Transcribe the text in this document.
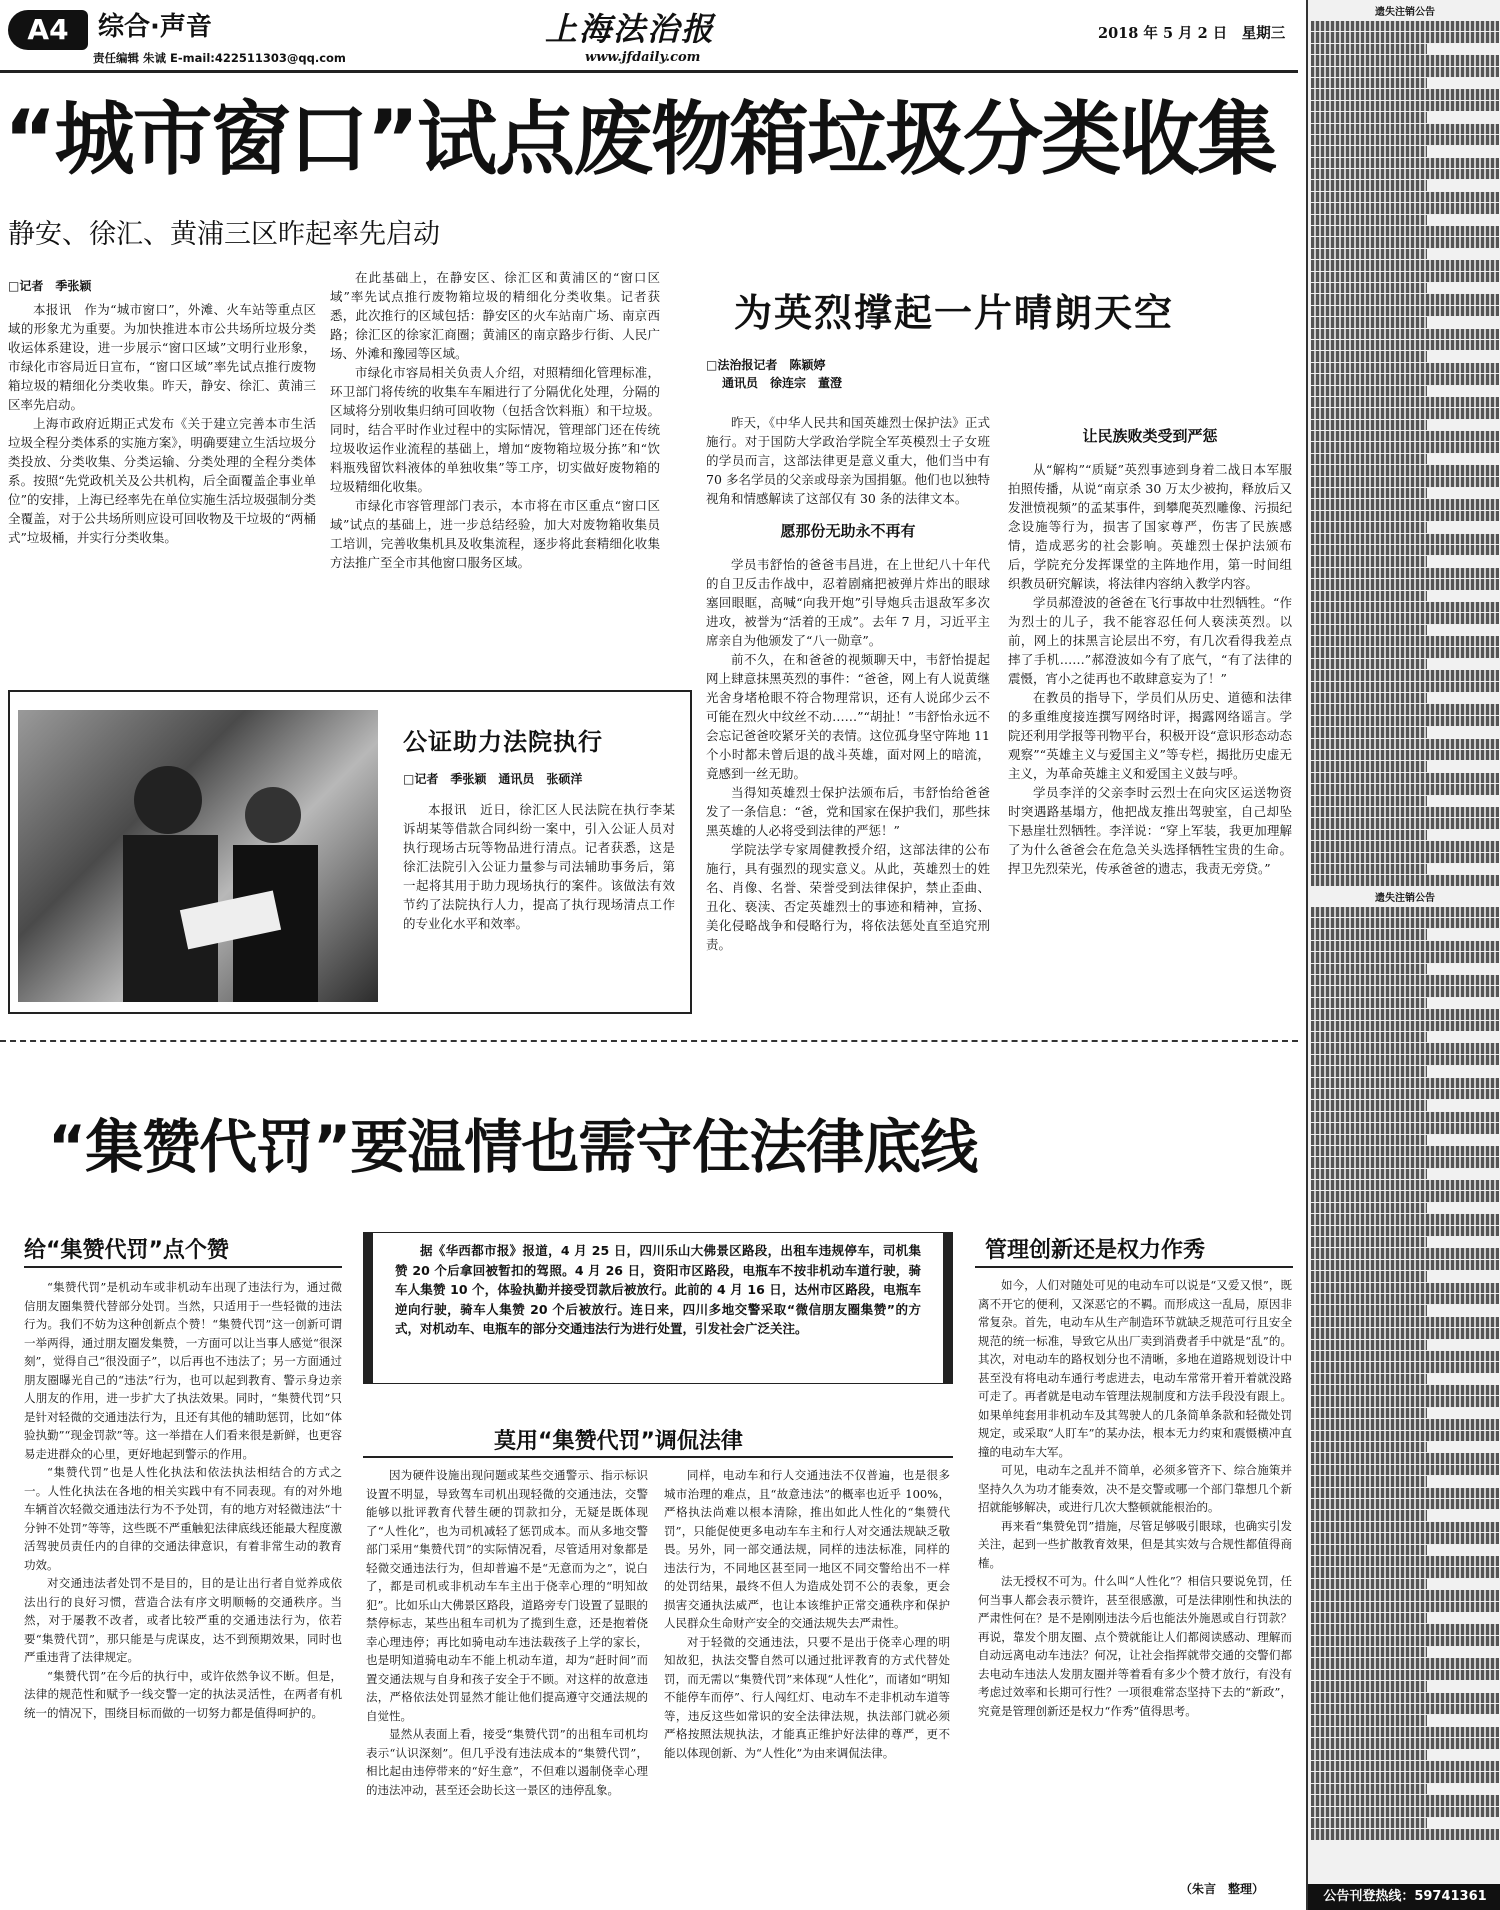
A4	综合·声音
责任编辑 朱诚 E-mail:422511303@qq.com
上海法治报
www.jfdaily.com
2018 年 5 月 2 日　星期三
“城市窗口”试点废物箱垃圾分类收集
静安、徐汇、黄浦三区昨起率先启动
□记者　季张颖

本报讯　作为“城市窗口”，外滩、火车站等重点区域的形象尤为重要。为加快推进本市公共场所垃圾分类收运体系建设，进一步展示“窗口区域”文明行业形象，市绿化市容局近日宣布，“窗口区域”率先试点推行废物箱垃圾的精细化分类收集。昨天，静安、徐汇、黄浦三区率先启动。

上海市政府近期正式发布《关于建立完善本市生活垃圾全程分类体系的实施方案》，明确要建立生活垃圾分类投放、分类收集、分类运输、分类处理的全程分类体系。按照“先党政机关及公共机构，后全面覆盖企事业单位”的安排，上海已经率先在单位实施生活垃圾强制分类全覆盖，对于公共场所则应设可回收物及干垃圾的“两桶式”垃圾桶，并实行分类收集。

在此基础上，在静安区、徐汇区和黄浦区的“窗口区域”率先试点推行废物箱垃圾的精细化分类收集。记者获悉，此次推行的区域包括：静安区的火车站南广场、南京西路；徐汇区的徐家汇商圈；黄浦区的南京路步行街、人民广场、外滩和豫园等区域。

市绿化市容局相关负责人介绍，对照精细化管理标准，环卫部门将传统的收集车车厢进行了分隔优化处理，分隔的区域将分别收集归纳可回收物（包括含饮料瓶）和干垃圾。同时，结合平时作业过程中的实际情况，管理部门还在传统垃圾收运作业流程的基础上，增加“废物箱垃圾分拣”和“饮料瓶残留饮料液体的单独收集”等工序，切实做好废物箱的垃圾精细化收集。

市绿化市容管理部门表示，本市将在市区重点“窗口区域”试点的基础上，进一步总结经验，加大对废物箱收集员工培训，完善收集机具及收集流程，逐步将此套精细化收集方法推广至全市其他窗口服务区域。

为英烈撑起一片晴朗天空
□法治报记者　陈颖婷
通讯员　徐连宗　董澄

昨天，《中华人民共和国英雄烈士保护法》正式施行。对于国防大学政治学院全军英模烈士子女班的学员而言，这部法律更是意义重大，他们当中有 70 多名学员的父亲或母亲为国捐躯。他们也以独特视角和情感解读了这部仅有 30 条的法律文本。

愿那份无助永不再有

学员韦舒怡的爸爸韦昌进，在上世纪八十年代的自卫反击作战中，忍着剧痛把被弹片炸出的眼球塞回眼眶，高喊“向我开炮”引导炮兵击退敌军多次进攻，被誉为“活着的王成”。去年 7 月，习近平主席亲自为他颁发了“八一勋章”。

前不久，在和爸爸的视频聊天中，韦舒怡提起网上肆意抹黑英烈的事件：“爸爸，网上有人说黄继光舍身堵枪眼不符合物理常识，还有人说邱少云不可能在烈火中纹丝不动……”“胡扯！”韦舒怡永远不会忘记爸爸咬紧牙关的表情。这位孤身坚守阵地 11 个小时都未曾后退的战斗英雄，面对网上的暗流，竟感到一丝无助。

当得知英雄烈士保护法颁布后，韦舒怡给爸爸发了一条信息：“爸，党和国家在保护我们，那些抹黑英雄的人必将受到法律的严惩！”

学院法学专家周健教授介绍，这部法律的公布施行，具有强烈的现实意义。从此，英雄烈士的姓名、肖像、名誉、荣誉受到法律保护，禁止歪曲、丑化、亵渎、否定英雄烈士的事迹和精神，宣扬、美化侵略战争和侵略行为，将依法惩处直至追究刑责。

让民族败类受到严惩

从“解构”“质疑”英烈事迹到身着二战日本军服拍照传播，从说“南京杀 30 万太少被拘，释放后又发泄愤视频”的孟某事件，到攀爬英烈雕像、污损纪念设施等行为，损害了国家尊严，伤害了民族感情，造成恶劣的社会影响。英雄烈士保护法颁布后，学院充分发挥课堂的主阵地作用，第一时间组织教员研究解读，将法律内容纳入教学内容。

学员郝澄波的爸爸在飞行事故中壮烈牺牲。“作为烈士的儿子，我不能容忍任何人亵渎英烈。以前，网上的抹黑言论层出不穷，有几次看得我差点摔了手机……”郝澄波如今有了底气，“有了法律的震慑，宵小之徒再也不敢肆意妄为了！”

在教员的指导下，学员们从历史、道德和法律的多重维度接连撰写网络时评，揭露网络谣言。学院还利用学报等刊物平台，积极开设“意识形态动态观察”“英雄主义与爱国主义”等专栏，揭批历史虚无主义，为革命英雄主义和爱国主义鼓与呼。

学员李洋的父亲李时云烈士在向灾区运送物资时突遇路基塌方，他把战友推出驾驶室，自己却坠下悬崖壮烈牺牲。李洋说：“穿上军装，我更加理解了为什么爸爸会在危急关头选择牺牲宝贵的生命。捍卫先烈荣光，传承爸爸的遗志，我责无旁贷。”

公证助力法院执行
□记者　季张颖　通讯员　张硕洋

本报讯　近日，徐汇区人民法院在执行李某诉胡某等借款合同纠纷一案中，引入公证人员对执行现场古玩等物品进行清点。记者获悉，这是徐汇法院引入公证力量参与司法辅助事务后，第一起将其用于助力现场执行的案件。该做法有效节约了法院执行人力，提高了执行现场清点工作的专业化水平和效率。

“集赞代罚”要温情也需守住法律底线
给“集赞代罚”点个赞

“集赞代罚”是机动车或非机动车出现了违法行为，通过微信朋友圈集赞代替部分处罚。当然，只适用于一些轻微的违法行为。我们不妨为这种创新点个赞！“集赞代罚”这一创新可谓一举两得，通过朋友圈发集赞，一方面可以让当事人感觉“很深刻”，觉得自己“很没面子”，以后再也不违法了；另一方面通过朋友圈曝光自己的“违法”行为，也可以起到教育、警示身边亲人朋友的作用，进一步扩大了执法效果。同时，“集赞代罚”只是针对轻微的交通违法行为，且还有其他的辅助惩罚，比如“体验执勤”“现金罚款”等。这一举措在人们看来很是新鲜，也更容易走进群众的心里，更好地起到警示的作用。

“集赞代罚”也是人性化执法和依法执法相结合的方式之一。人性化执法在各地的相关实践中有不同表现。有的对外地车辆首次轻微交通违法行为不予处罚，有的地方对轻微违法“十分钟不处罚”等等，这些既不严重触犯法律底线还能最大程度激活驾驶员责任内的自律的交通法律意识，有着非常生动的教育功效。

对交通违法者处罚不是目的，目的是让出行者自觉养成依法出行的良好习惯，营造合法有序文明顺畅的交通秩序。当然，对于屡教不改者，或者比较严重的交通违法行为，依若要“集赞代罚”，那只能是与虎谋皮，达不到预期效果，同时也严重违背了法律规定。

“集赞代罚”在今后的执行中，或许依然争议不断。但是，法律的规范性和赋予一线交警一定的执法灵活性，在两者有机统一的情况下，围绕目标而做的一切努力都是值得呵护的。

据《华西都市报》报道，4 月 25 日，四川乐山大佛景区路段，出租车违规停车，司机集赞 20 个后拿回被暂扣的驾照。4 月 26 日，资阳市区路段，电瓶车不按非机动车道行驶，骑车人集赞 10 个，体验执勤并接受罚款后被放行。此前的 4 月 16 日，达州市区路段，电瓶车逆向行驶，骑车人集赞 20 个后被放行。连日来，四川多地交警采取“微信朋友圈集赞”的方式，对机动车、电瓶车的部分交通违法行为进行处置，引发社会广泛关注。
莫用“集赞代罚”调侃法律

因为硬件设施出现问题或某些交通警示、指示标识设置不明显，导致驾车司机出现轻微的交通违法，交警能够以批评教育代替生硬的罚款扣分，无疑是既体现了“人性化”，也为司机减轻了惩罚成本。而从多地交警部门采用“集赞代罚”的实际情况看，尽管适用对象都是轻微交通违法行为，但却普遍不是“无意而为之”，说白了，都是司机或非机动车车主出于侥幸心理的“明知故犯”。比如乐山大佛景区路段，道路旁专门设置了显眼的禁停标志，某些出租车司机为了揽到生意，还是抱着侥幸心理违停；再比如骑电动车违法载孩子上学的家长，也是明知道骑电动车不能上机动车道，却为“赶时间”而置交通法规与自身和孩子安全于不顾。对这样的故意违法，严格依法处罚显然才能让他们提高遵守交通法规的自觉性。

显然从表面上看，接受“集赞代罚”的出租车司机均表示“认识深刻”。但几乎没有违法成本的“集赞代罚”，相比起由违停带来的“好生意”，不但难以遏制侥幸心理的违法冲动，甚至还会助长这一景区的违停乱象。

同样，电动车和行人交通违法不仅普遍，也是很多城市治理的难点，且“故意违法”的概率也近乎 100%，严格执法尚难以根本清除，推出如此人性化的“集赞代罚”，只能促使更多电动车车主和行人对交通法规缺乏敬畏。另外，同一部交通法规，同样的违法标准，同样的违法行为，不同地区甚至同一地区不同交警给出不一样的处罚结果，最终不但人为造成处罚不公的表象，更会损害交通执法威严，也让本该维护正常交通秩序和保护人民群众生命财产安全的交通法规失去严肃性。

对于轻微的交通违法，只要不是出于侥幸心理的明知故犯，执法交警自然可以通过批评教育的方式代替处罚，而无需以“集赞代罚”来体现“人性化”，而诸如“明知不能停车而停”、行人闯红灯、电动车不走非机动车道等等，违反这些如常识的安全法律法规，执法部门就必须严格按照法规执法，才能真正维护好法律的尊严，更不能以体现创新、为“人性化”为由来调侃法律。

管理创新还是权力作秀

如今，人们对随处可见的电动车可以说是“又爱又恨”，既离不开它的便利，又深恶它的不羁。而形成这一乱局，原因非常复杂。首先，电动车从生产制造环节就缺乏规范可行且安全规范的统一标准，导致它从出厂卖到消费者手中就是“乱”的。其次，对电动车的路权划分也不清晰，多地在道路规划设计中甚至没有将电动车通行考虑进去，电动车常常开着开着就没路可走了。再者就是电动车管理法规制度和方法手段没有跟上。如果单纯套用非机动车及其驾驶人的几条简单条款和轻微处罚规定，或采取“人盯车”的某办法，根本无力约束和震慑横冲直撞的电动车大军。

可见，电动车之乱并不简单，必须多管齐下、综合施策并坚持久久为功才能奏效，决不是交警或哪一个部门靠想几个新招就能够解决，或进行几次大整顿就能根治的。

再来看“集赞免罚”措施，尽管足够吸引眼球，也确实引发关注，起到一些扩散教育效果，但是其实效与合规性都值得商榷。

法无授权不可为。什么叫“人性化”？相信只要说免罚，任何当事人都会表示赞许，甚至很感激，可是法律刚性和执法的严肃性何在？是不是刚刚违法今后也能法外施恩或自行罚款？再说，靠发个朋友圈、点个赞就能让人们都阅读感动、理解而自动远离电动车违法？何况，让社会指挥就带交通的交警们都去电动车违法人发朋友圈并等着看有多少个赞才放行，有没有考虑过效率和长期可行性？一项很难常态坚持下去的“新政”，究竟是管理创新还是权力“作秀”值得思考。

（朱言　整理）
遗失注销公告
遗失注销公告
公告刊登热线：59741361
